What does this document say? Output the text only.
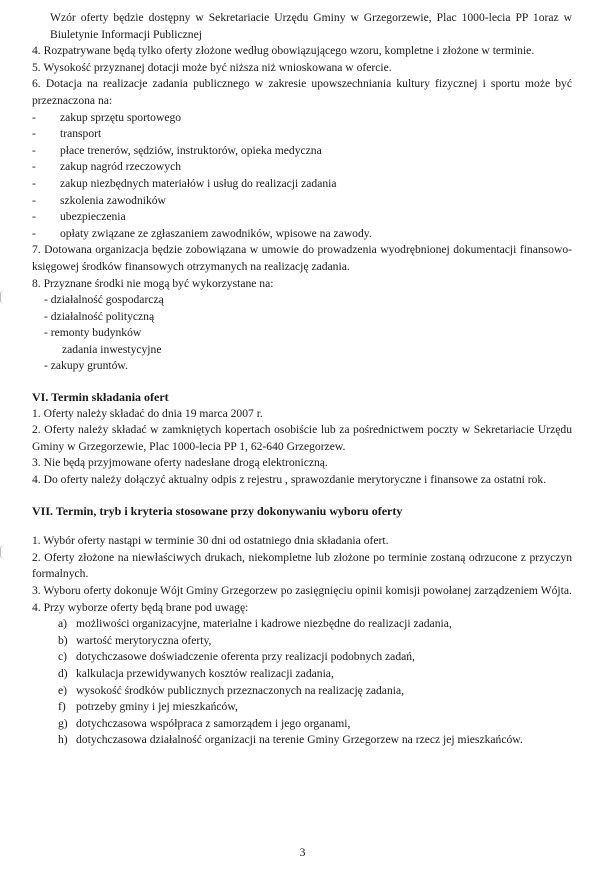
Wzór oferty będzie dostępny w Sekretariacie Urzędu Gminy w Grzegorzewie, Plac 1000-lecia PP 1oraz w Biuletynie Informacji Publicznej

4. Rozpatrywane będą tylko oferty złożone według obowiązującego wzoru, kompletne i złożone w terminie.

5. Wysokość przyznanej dotacji może być niższa niż wnioskowana w ofercie.

6. Dotacja na realizacje zadania publicznego w zakresie upowszechniania kultury fizycznej i sportu może być przeznaczona na:

-	zakup sprzętu sportowego
-	transport
-	płace trenerów, sędziów, instruktorów, opieka medyczna
-	zakup nagród rzeczowych
-	zakup niezbędnych materiałów i usług do realizacji zadania
-	szkolenia zawodników
-	ubezpieczenia
-	opłaty związane ze zgłaszaniem zawodników, wpisowe na zawody.

7. Dotowana organizacja będzie zobowiązana w umowie do prowadzenia wyodrębnionej dokumentacji finansowo-księgowej środków finansowych otrzymanych na realizację zadania.

8. Przyznane środki nie mogą być wykorzystane na:

- działalność gospodarczą
- działalność polityczną
- remonty budynków
zadania inwestycyjne
- zakupy gruntów.
VI. Termin składania ofert

1. Oferty należy składać do dnia 19 marca 2007 r.

2. Oferty należy składać w zamkniętych kopertach osobiście lub za pośrednictwem poczty w Sekretariacie Urzędu Gminy w Grzegorzewie, Plac 1000-lecia PP 1, 62-640 Grzegorzew.

3. Nie będą przyjmowane oferty nadesłane drogą elektroniczną.

4. Do oferty należy dołączyć aktualny odpis z rejestru , sprawozdanie merytoryczne i finansowe za ostatni rok.

VII. Termin, tryb i kryteria stosowane przy dokonywaniu wyboru oferty

1. Wybór oferty nastąpi w terminie 30 dni od ostatniego dnia składania ofert.

2. Oferty złożone na niewłaściwych drukach, niekompletne lub złożone po terminie zostaną odrzucone z przyczyn formalnych.

3. Wyboru oferty dokonuje Wójt Gminy Grzegorzew po zasięgnięciu opinii komisji powołanej zarządzeniem Wójta.

4. Przy wyborze oferty będą brane pod uwagę:

a) możliwości organizacyjne, materialne i kadrowe niezbędne do realizacji zadania,
b) wartość merytoryczna oferty,
c) dotychczasowe doświadczenie oferenta przy realizacji podobnych zadań,
d) kalkulacja przewidywanych kosztów realizacji zadania,
e) wysokość środków publicznych przeznaczonych na realizację zadania,
f) potrzeby gminy i jej mieszkańców,
g) dotychczasowa współpraca z samorządem i jego organami,
h) dotychczasowa działalność organizacji na terenie Gminy Grzegorzew na rzecz jej mieszkańców.
3
